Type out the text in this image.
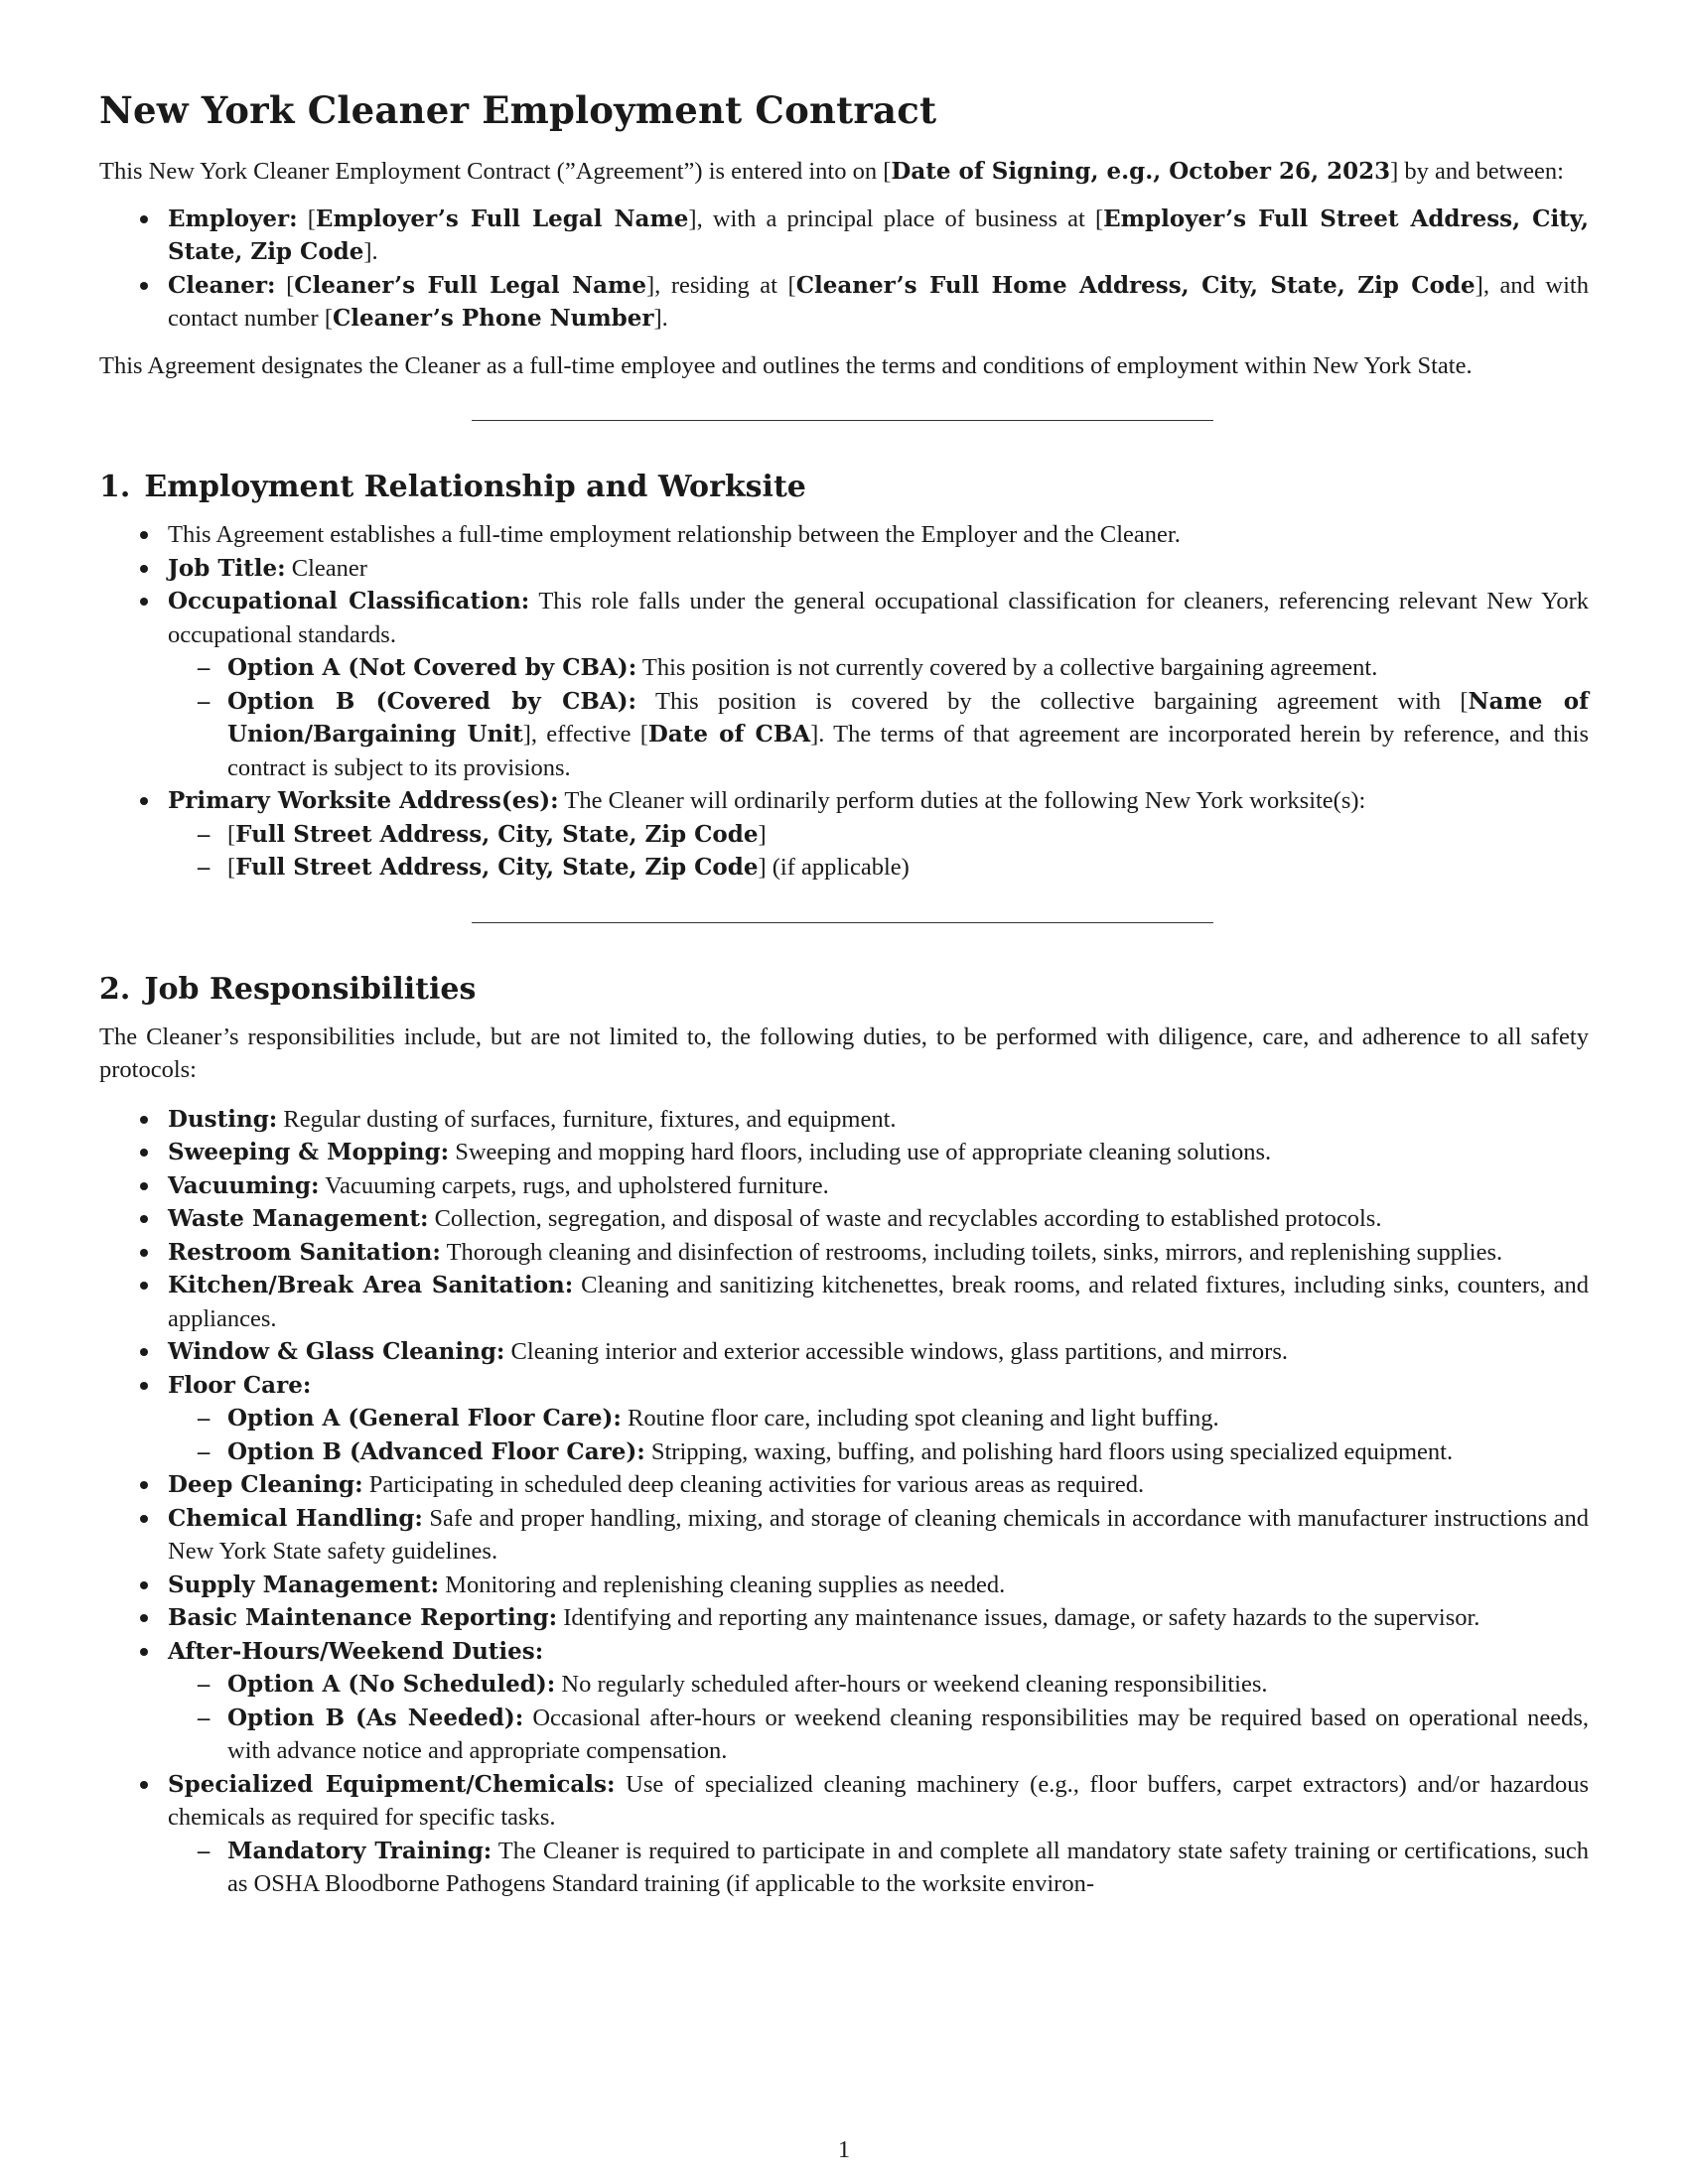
New York Cleaner Employment Contract

This New York Cleaner Employment Contract (”Agreement”) is entered into on [Date of Signing, e.g., October 26, 2023] by and between:

Employer: [Employer’s Full Legal Name], with a principal place of business at [Employer’s Full Street Address, City, State, Zip Code].
Cleaner: [Cleaner’s Full Legal Name], residing at [Cleaner’s Full Home Address, City, State, Zip Code], and with contact number [Cleaner’s Phone Number].

This Agreement designates the Cleaner as a full-time employee and outlines the terms and conditions of employment within New York State.

1. Employment Relationship and Worksite
This Agreement establishes a full-time employment relationship between the Employer and the Cleaner.
Job Title: Cleaner
Occupational Classification: This role falls under the general occupational classification for cleaners, referencing relevant New York occupational standards.
– Option A (Not Covered by CBA): This position is not currently covered by a collective bargaining agreement.
– Option B (Covered by CBA): This position is covered by the collective bargaining agreement with [Name of Union/Bargaining Unit], effective [Date of CBA]. The terms of that agreement are incorporated herein by reference, and this contract is subject to its provisions.
Primary Worksite Address(es): The Cleaner will ordinarily perform duties at the following New York worksite(s):
– [Full Street Address, City, State, Zip Code]
– [Full Street Address, City, State, Zip Code] (if applicable)
2. Job Responsibilities

The Cleaner’s responsibilities include, but are not limited to, the following duties, to be performed with diligence, care, and adherence to all safety protocols:

Dusting: Regular dusting of surfaces, furniture, fixtures, and equipment.
Sweeping & Mopping: Sweeping and mopping hard floors, including use of appropriate cleaning solutions.
Vacuuming: Vacuuming carpets, rugs, and upholstered furniture.
Waste Management: Collection, segregation, and disposal of waste and recyclables according to established protocols.
Restroom Sanitation: Thorough cleaning and disinfection of restrooms, including toilets, sinks, mirrors, and replenishing supplies.
Kitchen/Break Area Sanitation: Cleaning and sanitizing kitchenettes, break rooms, and related fixtures, including sinks, counters, and appliances.
Window & Glass Cleaning: Cleaning interior and exterior accessible windows, glass partitions, and mirrors.
Floor Care:
– Option A (General Floor Care): Routine floor care, including spot cleaning and light buffing.
– Option B (Advanced Floor Care): Stripping, waxing, buffing, and polishing hard floors using specialized equipment.
Deep Cleaning: Participating in scheduled deep cleaning activities for various areas as required.
Chemical Handling: Safe and proper handling, mixing, and storage of cleaning chemicals in accordance with manufacturer instructions and New York State safety guidelines.
Supply Management: Monitoring and replenishing cleaning supplies as needed.
Basic Maintenance Reporting: Identifying and reporting any maintenance issues, damage, or safety hazards to the supervisor.
After-Hours/Weekend Duties:
– Option A (No Scheduled): No regularly scheduled after-hours or weekend cleaning responsibilities.
– Option B (As Needed): Occasional after-hours or weekend cleaning responsibilities may be required based on operational needs, with advance notice and appropriate compensation.
Specialized Equipment/Chemicals: Use of specialized cleaning machinery (e.g., floor buffers, carpet extractors) and/or hazardous chemicals as required for specific tasks.
– Mandatory Training: The Cleaner is required to participate in and complete all mandatory state safety training or certifications, such as OSHA Bloodborne Pathogens Standard training (if applicable to the worksite environ-
1
